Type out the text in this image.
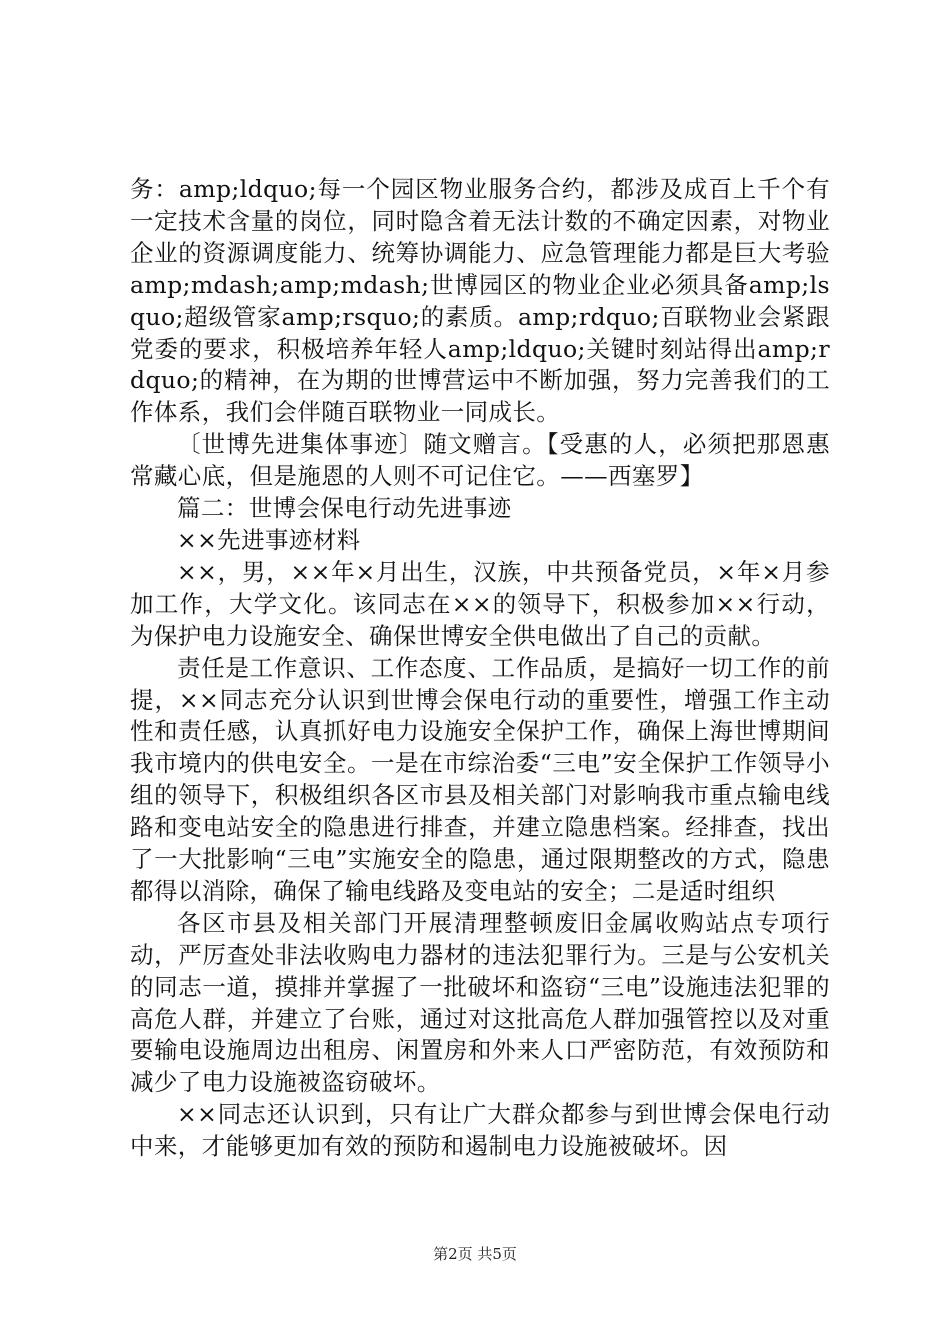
务：amp;ldquo;每一个园区物业服务合约，都涉及成百上千个有一定技术含量的岗位，同时隐含着无法计数的不确定因素，对物业企业的资源调度能力、统筹协调能力、应急管理能力都是巨大考验amp;mdash;amp;mdash;世博园区的物业企业必须具备amp;lsquo;超级管家amp;rsquo;的素质。amp;rdquo;百联物业会紧跟党委的要求，积极培养年轻人amp;ldquo;关键时刻站得出amp;rdquo;的精神，在为期的世博营运中不断加强，努力完善我们的工作体系，我们会伴随百联物业一同成长。

〔世博先进集体事迹〕随文赠言。【受惠的人，必须把那恩惠常藏心底，但是施恩的人则不可记住它。——西塞罗】

篇二：世博会保电行动先进事迹

××先进事迹材料

××，男，××年×月出生，汉族，中共预备党员，×年×月参加工作，大学文化。该同志在××的领导下，积极参加××行动，为保护电力设施安全、确保世博安全供电做出了自己的贡献。

责任是工作意识、工作态度、工作品质，是搞好一切工作的前提，××同志充分认识到世博会保电行动的重要性，增强工作主动性和责任感，认真抓好电力设施安全保护工作，确保上海世博期间我市境内的供电安全。一是在市综治委“三电”安全保护工作领导小组的领导下，积极组织各区市县及相关部门对影响我市重点输电线路和变电站安全的隐患进行排查，并建立隐患档案。经排查，找出了一大批影响“三电”实施安全的隐患，通过限期整改的方式，隐患都得以消除，确保了输电线路及变电站的安全；二是适时组织

各区市县及相关部门开展清理整顿废旧金属收购站点专项行动，严厉查处非法收购电力器材的违法犯罪行为。三是与公安机关的同志一道，摸排并掌握了一批破坏和盗窃“三电”设施违法犯罪的高危人群，并建立了台账，通过对这批高危人群加强管控以及对重要输电设施周边出租房、闲置房和外来人口严密防范，有效预防和减少了电力设施被盗窃破坏。

××同志还认识到，只有让广大群众都参与到世博会保电行动中来，才能够更加有效的预防和遏制电力设施被破坏。因

第2页 共5页
